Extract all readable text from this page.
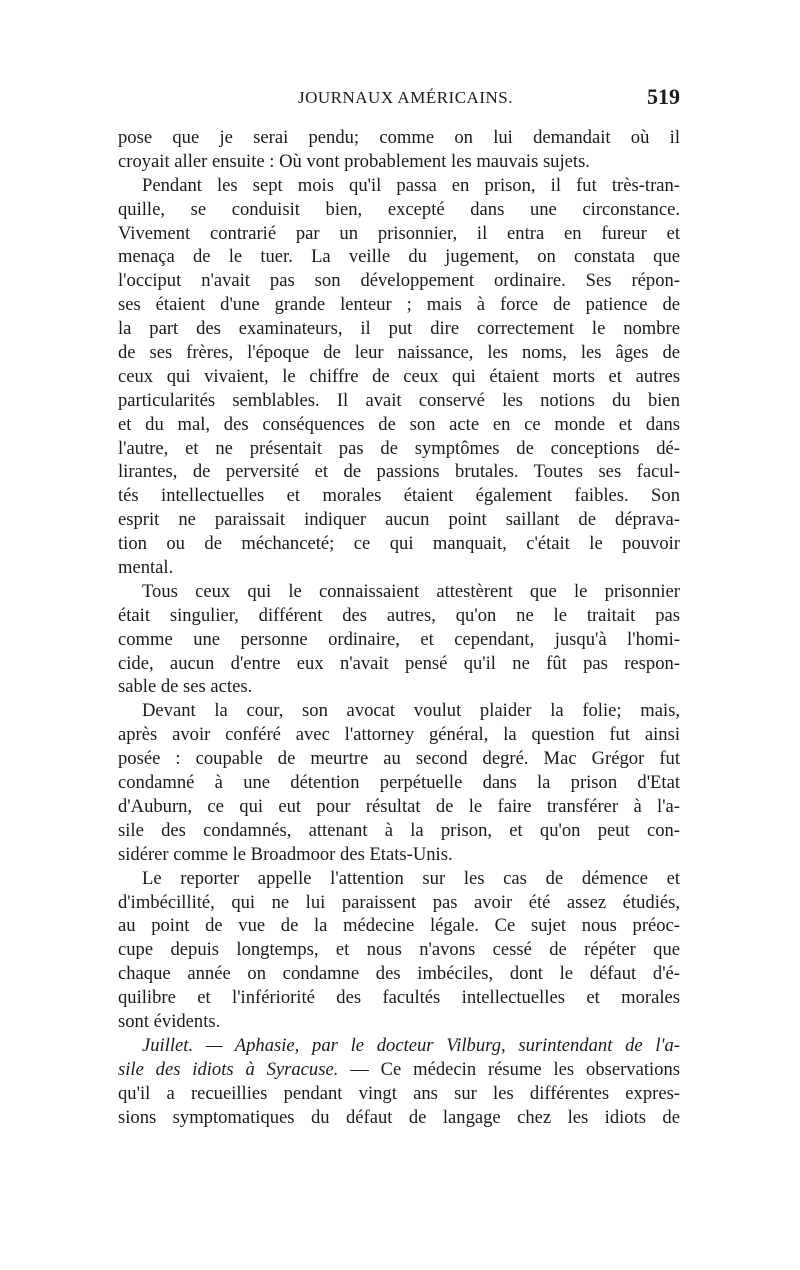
JOURNAUX AMÉRICAINS.	519
pose que je serai pendu; comme on lui demandait où il
croyait aller ensuite : Où vont probablement les mauvais sujets.
Pendant les sept mois qu'il passa en prison, il fut très-tran-
quille, se conduisit bien, excepté dans une circonstance.
Vivement contrarié par un prisonnier, il entra en fureur et
menaça de le tuer. La veille du jugement, on constata que
l'occiput n'avait pas son développement ordinaire. Ses répon-
ses étaient d'une grande lenteur ; mais à force de patience de
la part des examinateurs, il put dire correctement le nombre
de ses frères, l'époque de leur naissance, les noms, les âges de
ceux qui vivaient, le chiffre de ceux qui étaient morts et autres
particularités semblables. Il avait conservé les notions du bien
et du mal, des conséquences de son acte en ce monde et dans
l'autre, et ne présentait pas de symptômes de conceptions dé-
lirantes, de perversité et de passions brutales. Toutes ses facul-
tés intellectuelles et morales étaient également faibles. Son
esprit ne paraissait indiquer aucun point saillant de déprava-
tion ou de méchanceté; ce qui manquait, c'était le pouvoir
mental.
Tous ceux qui le connaissaient attestèrent que le prisonnier
était singulier, différent des autres, qu'on ne le traitait pas
comme une personne ordinaire, et cependant, jusqu'à l'homi-
cide, aucun d'entre eux n'avait pensé qu'il ne fût pas respon-
sable de ses actes.
Devant la cour, son avocat voulut plaider la folie; mais,
après avoir conféré avec l'attorney général, la question fut ainsi
posée : coupable de meurtre au second degré. Mac Grégor fut
condamné à une détention perpétuelle dans la prison d'Etat
d'Auburn, ce qui eut pour résultat de le faire transférer à l'a-
sile des condamnés, attenant à la prison, et qu'on peut con-
sidérer comme le Broadmoor des Etats-Unis.
Le reporter appelle l'attention sur les cas de démence et
d'imbécillité, qui ne lui paraissent pas avoir été assez étudiés,
au point de vue de la médecine légale. Ce sujet nous préoc-
cupe depuis longtemps, et nous n'avons cessé de répéter que
chaque année on condamne des imbéciles, dont le défaut d'é-
quilibre et l'infériorité des facultés intellectuelles et morales
sont évidents.
Juillet. — Aphasie, par le docteur Vilburg, surintendant de l'a-
sile des idiots à Syracuse. — Ce médecin résume les observations
qu'il a recueillies pendant vingt ans sur les différentes expres-
sions symptomatiques du défaut de langage chez les idiots de
